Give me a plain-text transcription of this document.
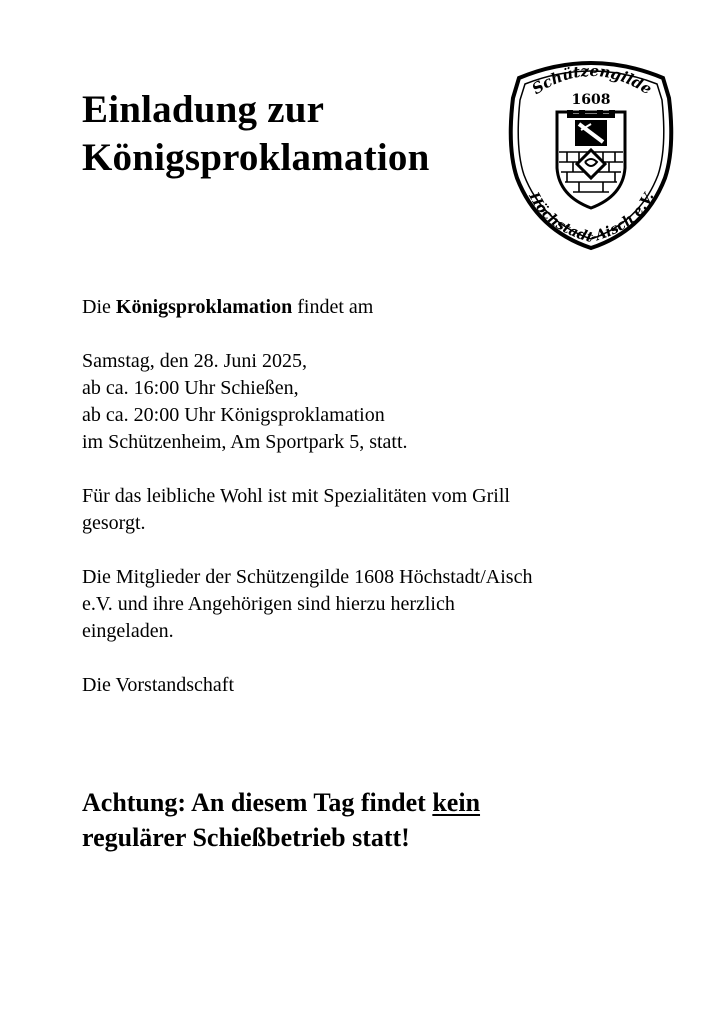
Einladung zur
Königsproklamation
Schützengilde
1608
Höchstadt-Aisch e.V.

Die Königsproklamation findet am

Samstag, den 28. Juni 2025,
ab ca. 16:00 Uhr Schießen,
ab ca. 20:00 Uhr Königsproklamation
im Schützenheim, Am Sportpark 5, statt.

Für das leibliche Wohl ist mit Spezialitäten vom Grill
gesorgt.

Die Mitglieder der Schützengilde 1608 Höchstadt/Aisch
e.V. und ihre Angehörigen sind hierzu herzlich
eingeladen.

Die Vorstandschaft

Achtung: An diesem Tag findet kein
regulärer Schießbetrieb statt!
